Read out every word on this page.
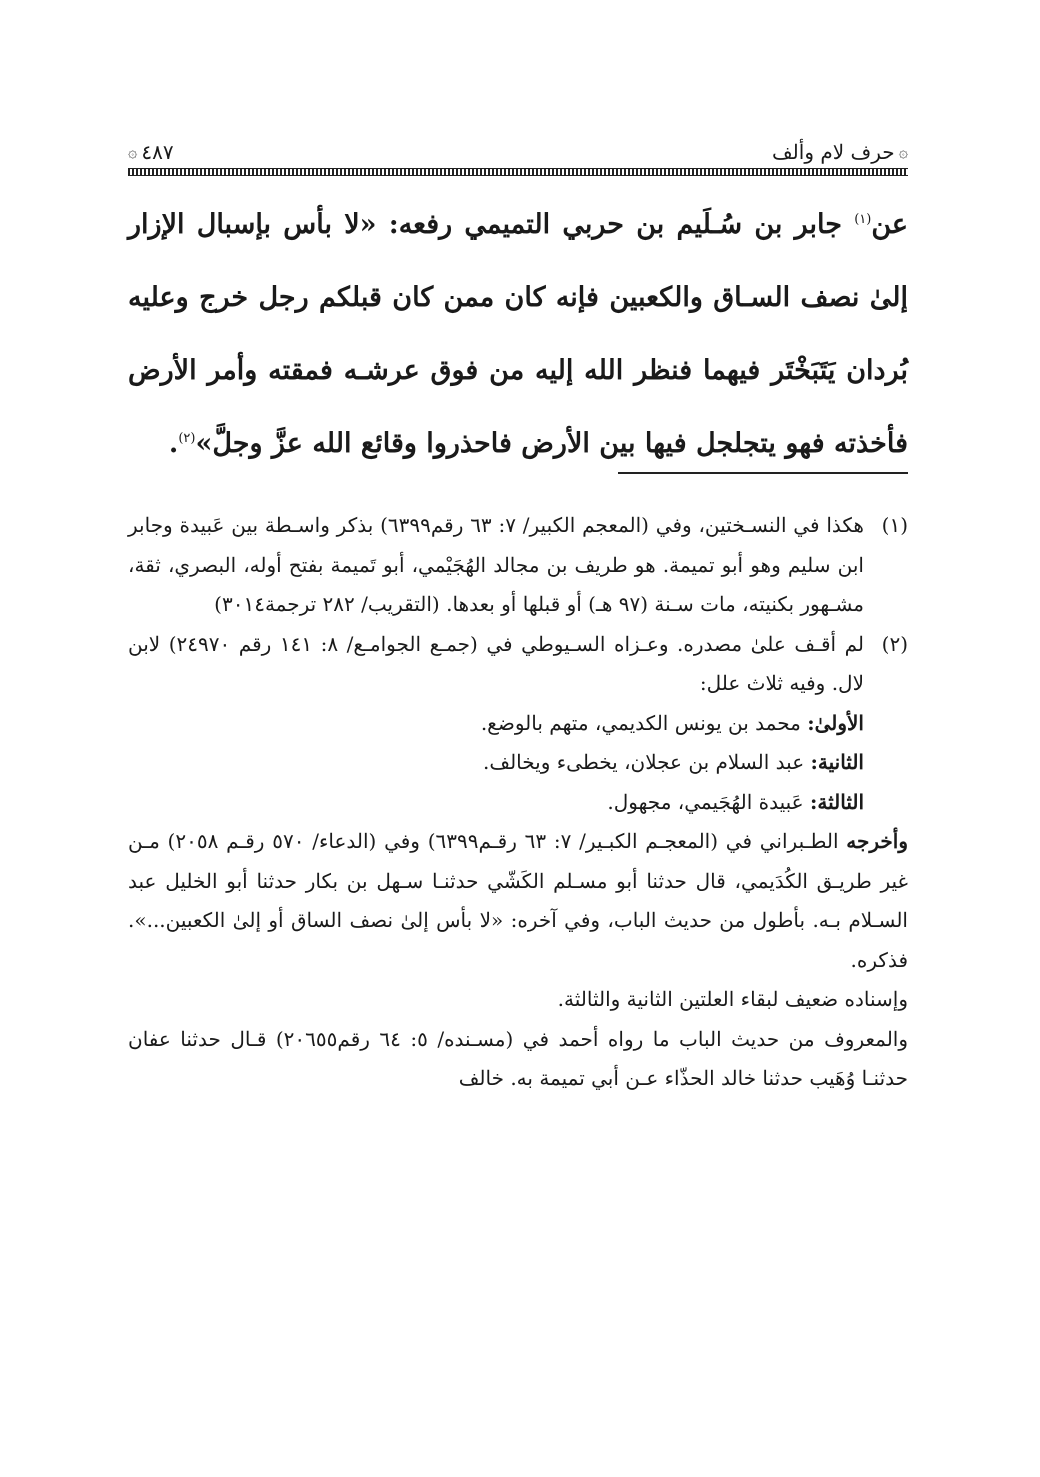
۞
حرف لام وألف
٤٨٧
۞

عن$^{(١)}$ جابر بن سُـلَيم بن حربي التميمي رفعه: «لا بأس بإسبال الإزار إلىٰ نصف السـاق والكعبين فإنه كان ممن كان قبلكم رجل خرج وعليه بُردان يَتَبَخْتَر فيهما فنظر الله إليه من فوق عرشـه فمقته وأمر الأرض فأخذته فهو يتجلجل فيها بين الأرض فاحذروا وقائع الله عزَّ وجلَّ»$^{(٢)}$.

(١)

هكذا في النسـختين، وفي (المعجم الكبير/ ٧: ٦٣ رقم٦٣٩٩) بذكر واسـطة بين عَبيدة وجابر ابن سليم وهو أبو تميمة. هو طريف بن مجالد الهُجَيْمي، أبو تَميمة بفتح أوله، البصري، ثقة، مشـهور بكنيته، مات سـنة (٩٧ هـ) أو قبلها أو بعدها. (التقريب/ ٢٨٢ ترجمة٣٠١٤)

(٢)

لم أقـف علىٰ مصدره. وعـزاه السـيوطي في (جمـع الجوامـع/ ٨: ١٤١ رقم ٢٤٩٧٠) لابن لال. وفيه ثلاث علل:

الأولىٰ: محمد بن يونس الكديمي، متهم بالوضع.

الثانية: عبد السلام بن عجلان، يخطىء ويخالف.

الثالثة: عَبيدة الهُجَيمي، مجهول.

وأخرجه الطـبراني في (المعجـم الكبـير/ ٧: ٦٣ رقـم٦٣٩٩) وفي (الدعاء/ ٥٧٠ رقـم ٢٠٥٨) مـن غير طريـق الكُدَيمي، قال حدثنا أبو مسـلم الكَشّي حدثنـا سـهل بن بكار حدثنا أبو الخليل عبد السـلام بـه. بأطول من حديث الباب، وفي آخره: «لا بأس إلىٰ نصف الساق أو إلىٰ الكعبين...». فذكره.

وإسناده ضعيف لبقاء العلتين الثانية والثالثة.

والمعروف من حديث الباب ما رواه أحمد في (مسـنده/ ٥: ٦٤ رقم٢٠٦٥٥) قـال حدثنا عفان حدثنـا وُهَيب حدثنا خالد الحذّاء عـن أبي تميمة به. خالف
